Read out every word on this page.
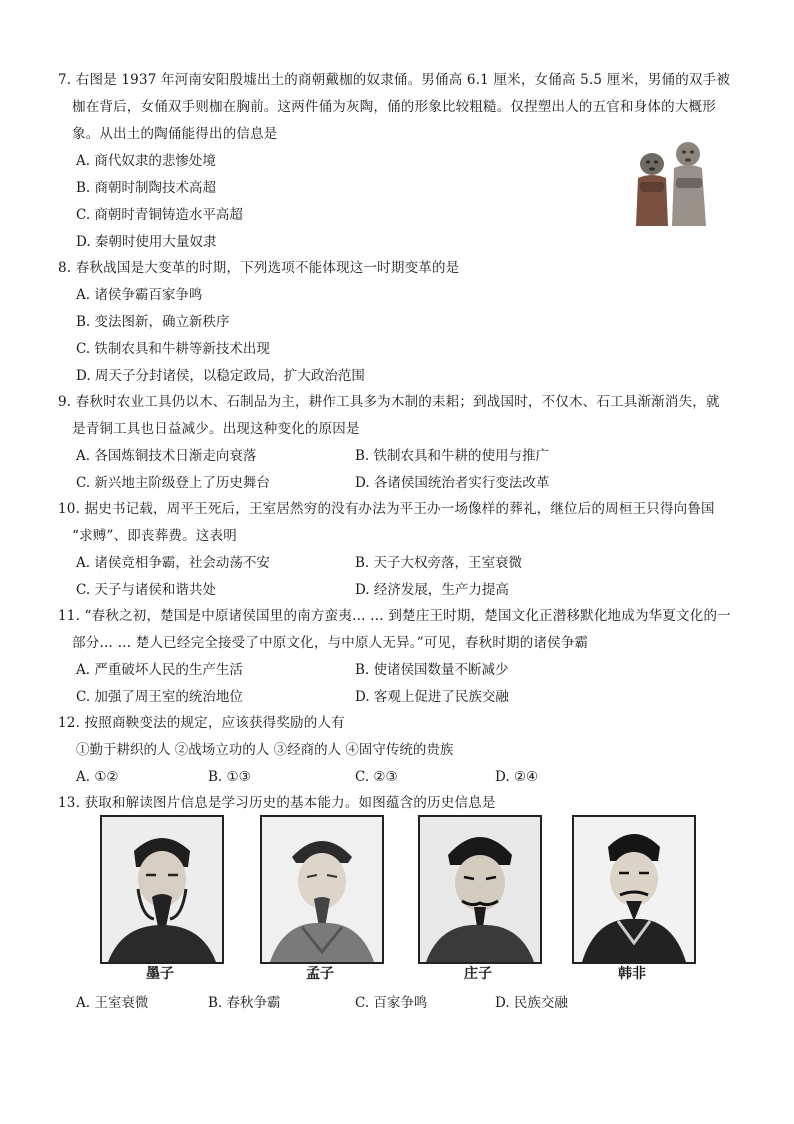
7. 右图是 1937 年河南安阳殷墟出土的商朝戴枷的奴隶俑。男俑高 6.1 厘米，女俑高 5.5 厘米，男俑的双手被
枷在背后，女俑双手则枷在胸前。这两件俑为灰陶，俑的形象比较粗糙。仅捏塑出人的五官和身体的大概形
象。从出土的陶俑能得出的信息是
A. 商代奴隶的悲惨处境
B. 商朝时制陶技术高超
C. 商朝时青铜铸造水平高超
D. 秦朝时使用大量奴隶
8. 春秋战国是大变革的时期，下列选项不能体现这一时期变革的是
A. 诸侯争霸百家争鸣
B. 变法图新，确立新秩序
C. 铁制农具和牛耕等新技术出现
D. 周天子分封诸侯，以稳定政局，扩大政治范围
9. 春秋时农业工具仍以木、石制品为主，耕作工具多为木制的耒耜；到战国时，不仅木、石工具渐渐消失，就
是青铜工具也日益减少。出现这种变化的原因是
A. 各国炼铜技术日渐走向衰落	B. 铁制农具和牛耕的使用与推广
C. 新兴地主阶级登上了历史舞台	D. 各诸侯国统治者实行变法改革
10. 据史书记载，周平王死后，王室居然穷的没有办法为平王办一场像样的葬礼，继位后的周桓王只得向鲁国
“求赙”、即丧葬费。这表明
A. 诸侯竞相争霸，社会动荡不安	B. 天子大权旁落，王室衰微
C. 天子与诸侯和谐共处	D. 经济发展，生产力提高
11. “春秋之初，楚国是中原诸侯国里的南方蛮夷… … 到楚庄王时期，楚国文化正潜移默化地成为华夏文化的一
部分… … 楚人已经完全接受了中原文化，与中原人无异。”可见，春秋时期的诸侯争霸
A. 严重破坏人民的生产生活	B. 使诸侯国数量不断减少
C. 加强了周王室的统治地位	D. 客观上促进了民族交融
12. 按照商鞅变法的规定，应该获得奖励的人有
①勤于耕织的人 ②战场立功的人 ③经商的人 ④固守传统的贵族
A. ①②	B. ①③	C. ②③	D. ②④
13. 获取和解读图片信息是学习历史的基本能力。如图蕴含的历史信息是
墨子	孟子	庄子	韩非
A. 王室衰微	B. 春秋争霸	C. 百家争鸣	D. 民族交融
